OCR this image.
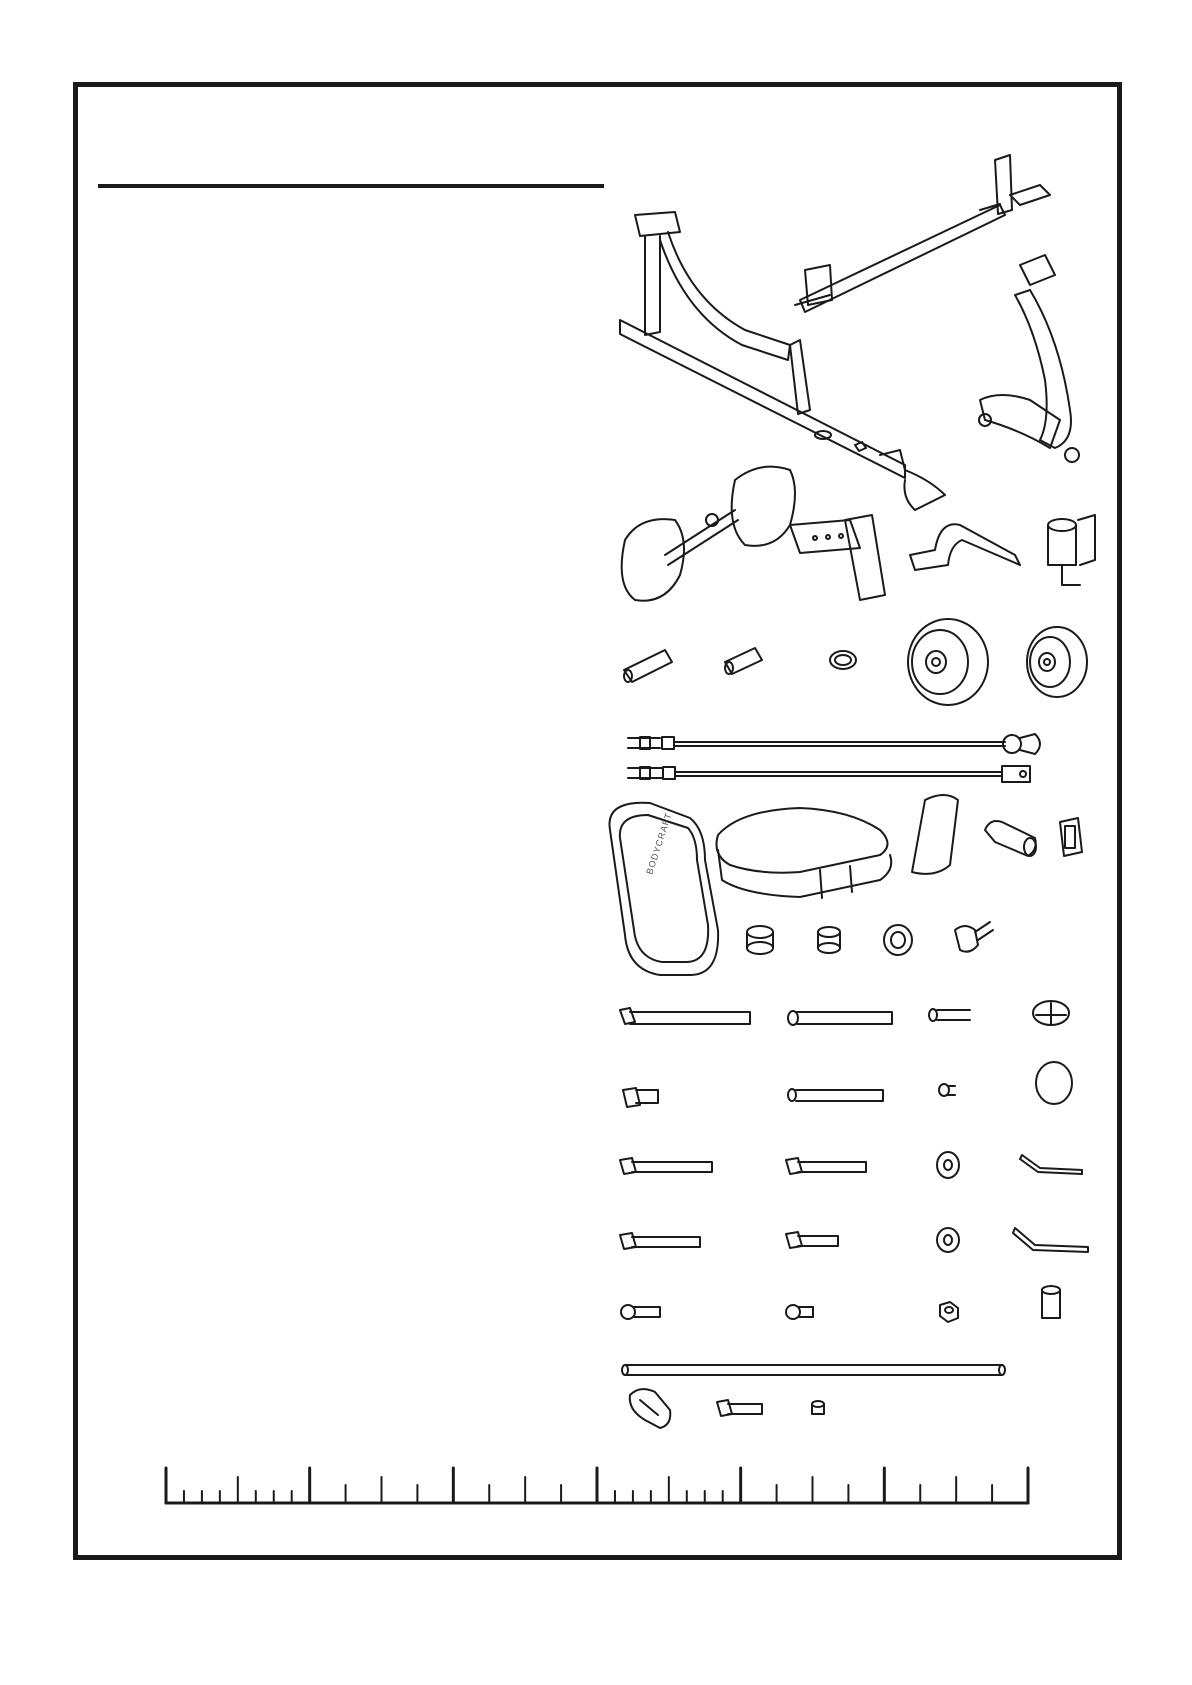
BODYCRAFT
